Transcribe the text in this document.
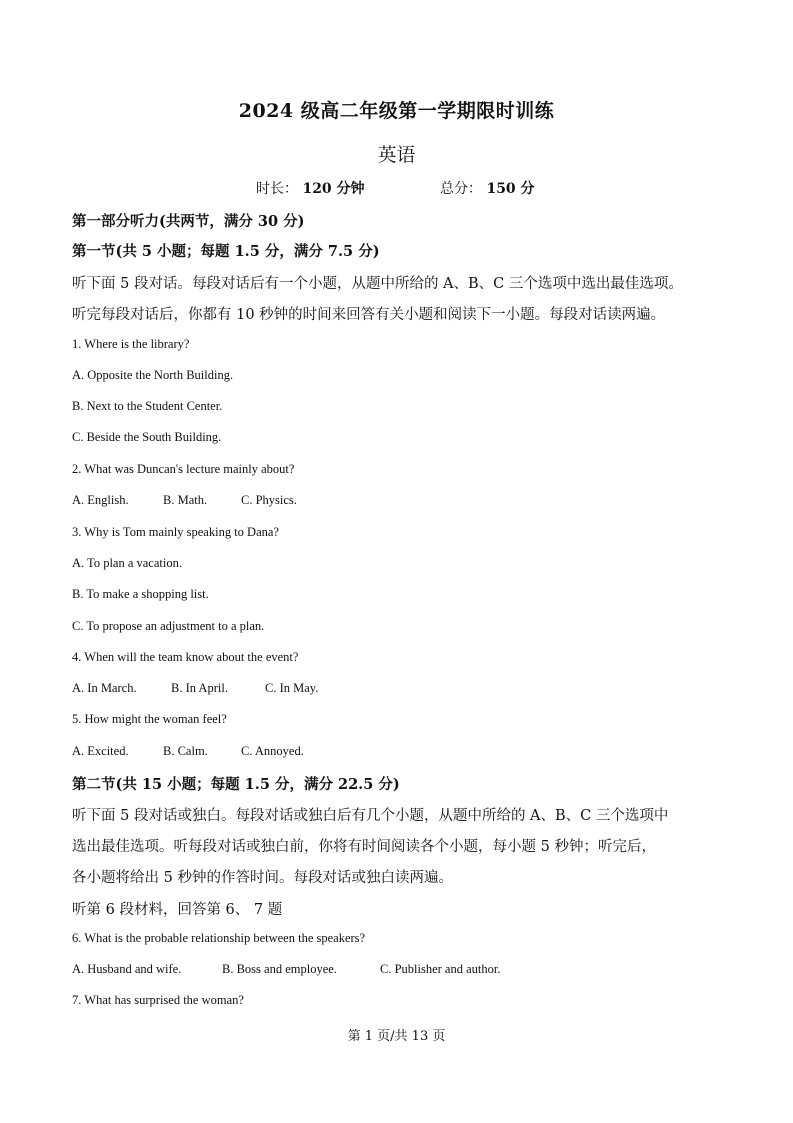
2024 级高二年级第一学期限时训练
英语
时长： 120 分钟	总分： 150 分
第一部分听力(共两节，满分 30 分)
第一节(共 5 小题；每题 1.5 分，满分 7.5 分)
听下面 5 段对话。每段对话后有一个小题，从题中所给的 A、B、C 三个选项中选出最佳选项。
听完每段对话后，你都有 10 秒钟的时间来回答有关小题和阅读下一小题。每段对话读两遍。
1. Where is the library?
A. Opposite the North Building.
B. Next to the Student Center.
C. Beside the South Building.
2. What was Duncan's lecture mainly about?
A. English.	B. Math.	C. Physics.
3. Why is Tom mainly speaking to Dana?
A. To plan a vacation.
B. To make a shopping list.
C. To propose an adjustment to a plan.
4. When will the team know about the event?
A. In March.	B. In April.	C. In May.
5. How might the woman feel?
A. Excited.	B. Calm.	C. Annoyed.
第二节(共 15 小题；每题 1.5 分，满分 22.5 分)
听下面 5 段对话或独白。每段对话或独白后有几个小题，从题中所给的 A、B、C 三个选项中
选出最佳选项。听每段对话或独白前，你将有时间阅读各个小题，每小题 5 秒钟；听完后，
各小题将给出 5 秒钟的作答时间。每段对话或独白读两遍。
听第 6 段材料，回答第 6、 7 题
6. What is the probable relationship between the speakers?
A. Husband and wife.	B. Boss and employee.	C. Publisher and author.
7. What has surprised the woman?
第 1 页/共 13 页
